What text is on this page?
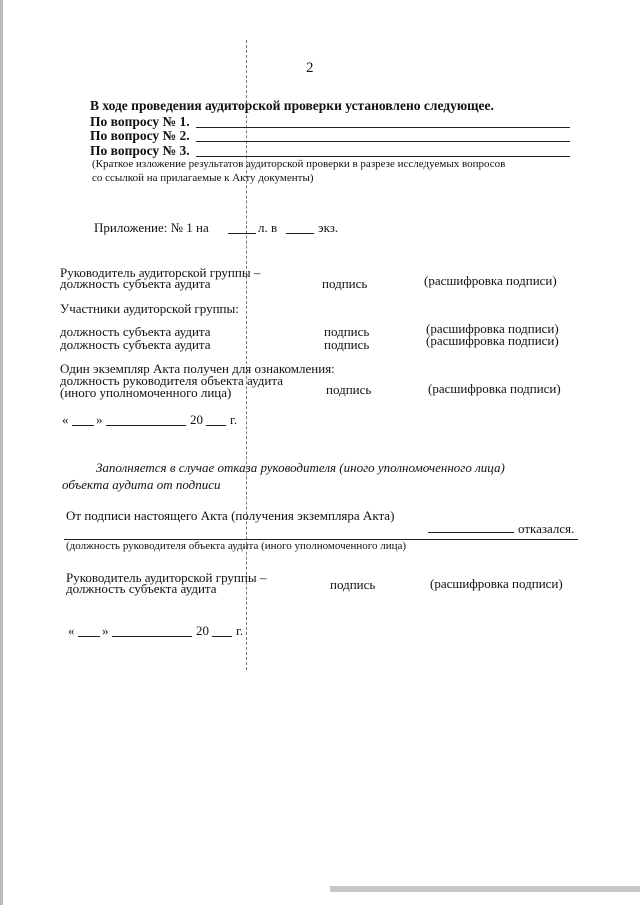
2
В ходе проведения аудиторской проверки установлено следующее.
По вопросу № 1.
По вопросу № 2.
По вопросу № 3.
(Краткое изложение результатов аудиторской проверки в разрезе исследуемых вопросов
со ссылкой на прилагаемые к Акту документы)
Приложение: № 1 на	л. в	экз.
Руководитель аудиторской группы –
должность субъекта аудита	подпись	(расшифровка подписи)
Участники аудиторской группы:
должность субъекта аудита	подпись	(расшифровка подписи)
должность субъекта аудита	подпись	(расшифровка подписи)
Один экземпляр Акта получен для ознакомления:
должность руководителя объекта аудита
(иного уполномоченного лица)	подпись	(расшифровка подписи)
« »	20 г.
Заполняется в случае отказа руководителя (иного уполномоченного лица)
объекта аудита от подписи
От подписи настоящего Акта (получения экземпляра Акта)
отказался.
(должность руководителя объекта аудита (иного уполномоченного лица)
Руководитель аудиторской группы –
должность субъекта аудита	подпись	(расшифровка подписи)
« »	20 г.
